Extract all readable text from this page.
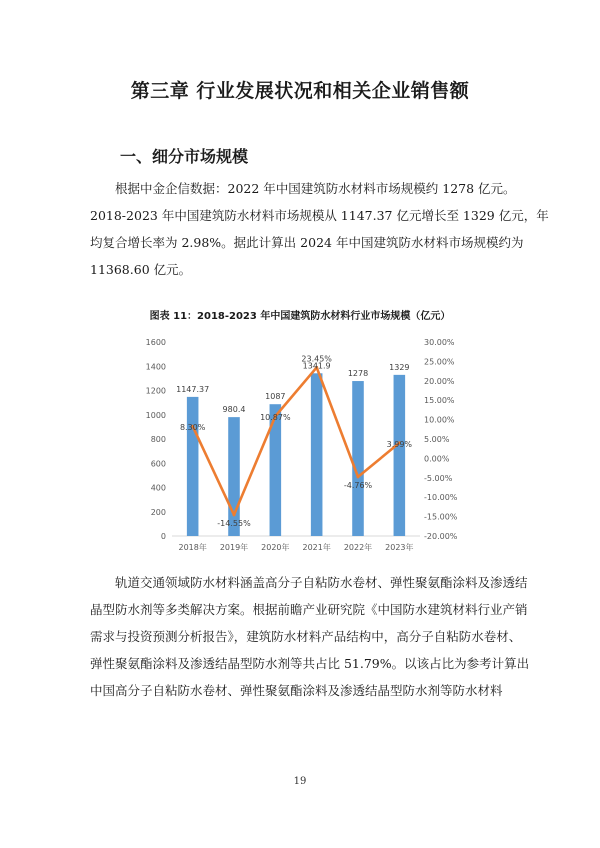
第三章 行业发展状况和相关企业销售额
一、细分市场规模

根据中金企信数据：2022 年中国建筑防水材料市场规模约 1278 亿元。
2018-2023 年中国建筑防水材料市场规模从 1147.37 亿元增长至 1329 亿元，年
均复合增长率为 2.98%。据此计算出 2024 年中国建筑防水材料市场规模约为
11368.60 亿元。

图表 11：2018-2023 年中国建筑防水材料行业市场规模（亿元）
0
200
400
600
800
1000
1200
1400
1600
-20.00%
-15.00%
-10.00%
-5.00%
0.00%
5.00%
10.00%
15.00%
20.00%
25.00%
30.00%
2018年 2019年 2020年 2021年 2022年 2023年
1147.37
980.4
1087
1341.9
1278
1329
8.30%
-14.55%
10.87%
23.45%
-4.76%
3.99%

轨道交通领域防水材料涵盖高分子自粘防水卷材、弹性聚氨酯涂料及渗透结
晶型防水剂等多类解决方案。根据前瞻产业研究院《中国防水建筑材料行业产销
需求与投资预测分析报告》，建筑防水材料产品结构中，高分子自粘防水卷材、
弹性聚氨酯涂料及渗透结晶型防水剂等共占比 51.79%。以该占比为参考计算出
中国高分子自粘防水卷材、弹性聚氨酯涂料及渗透结晶型防水剂等防水材料

19
